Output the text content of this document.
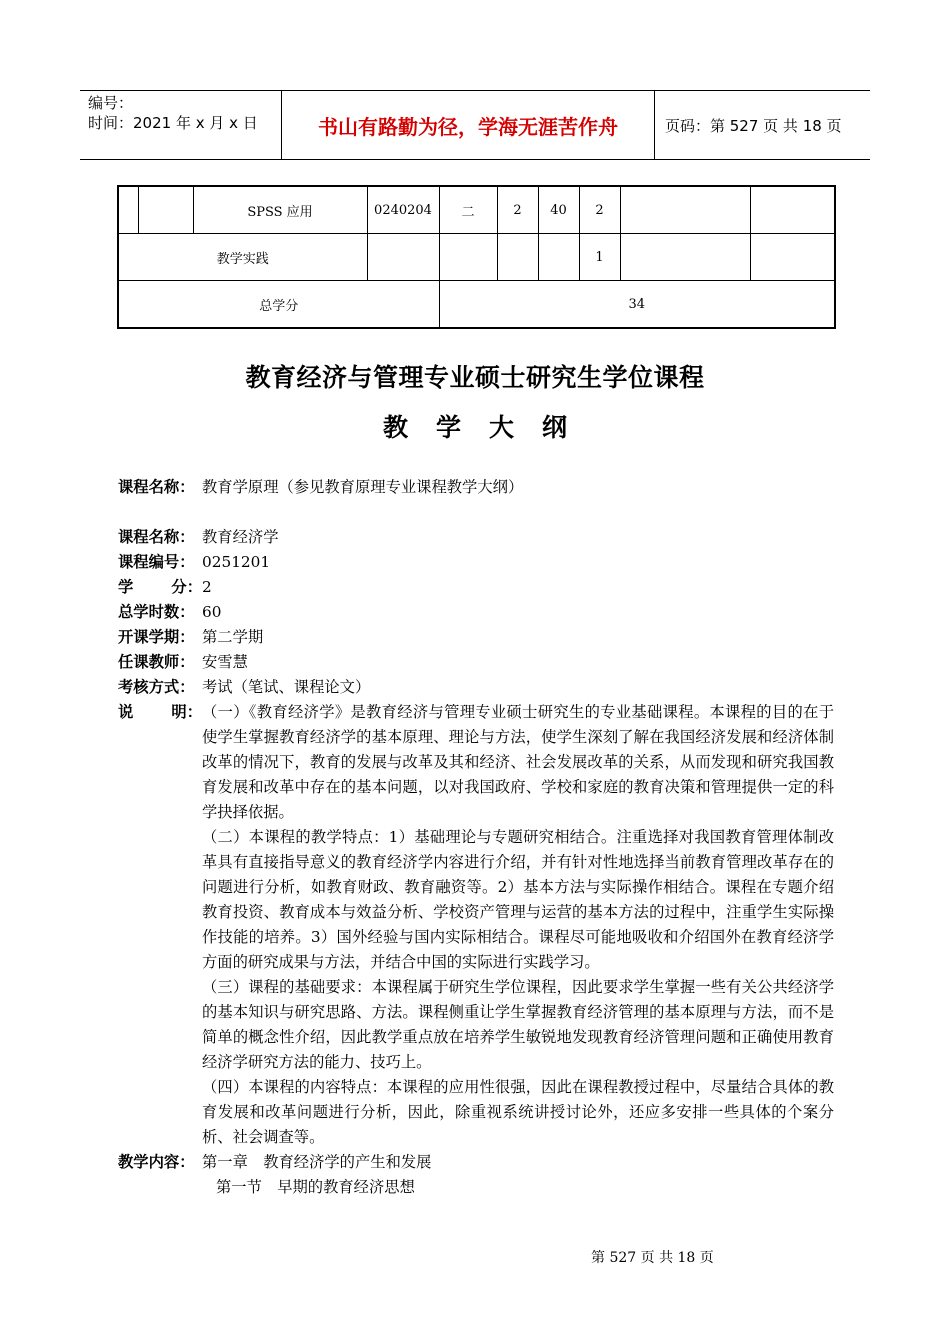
编号：
时间：2021 年 x 月 x 日	书山有路勤为径，学海无涯苦作舟	页码：第 527 页 共 18 页
		SPSS 应用	0240204	二	2	40	2		
教学实践							1		
总学分				34					
教育经济与管理专业硕士研究生学位课程
教学大纲
课程名称： 教育学原理（参见教育原理专业课程教学大纲）
课程名称： 教育经济学
课程编号： 0251201
学 分： 2
总学时数： 60
开课学期： 第二学期
任课教师： 安雪慧
考核方式： 考试（笔试、课程论文）
说 明： （一）《教育经济学》是教育经济与管理专业硕士研究生的专业基础课程。本课程的目的在于使学生掌握教育经济学的基本原理、理论与方法，使学生深刻了解在我国经济发展和经济体制改革的情况下，教育的发展与改革及其和经济、社会发展改革的关系，从而发现和研究我国教育发展和改革中存在的基本问题，以对我国政府、学校和家庭的教育决策和管理提供一定的科学抉择依据。

（二）本课程的教学特点：1）基础理论与专题研究相结合。注重选择对我国教育管理体制改革具有直接指导意义的教育经济学内容进行介绍，并有针对性地选择当前教育管理改革存在的问题进行分析，如教育财政、教育融资等。2）基本方法与实际操作相结合。课程在专题介绍教育投资、教育成本与效益分析、学校资产管理与运营的基本方法的过程中，注重学生实际操作技能的培养。3）国外经验与国内实际相结合。课程尽可能地吸收和介绍国外在教育经济学方面的研究成果与方法，并结合中国的实际进行实践学习。

（三）课程的基础要求：本课程属于研究生学位课程，因此要求学生掌握一些有关公共经济学的基本知识与研究思路、方法。课程侧重让学生掌握教育经济管理的基本原理与方法，而不是简单的概念性介绍，因此教学重点放在培养学生敏锐地发现教育经济管理问题和正确使用教育经济学研究方法的能力、技巧上。

（四）本课程的内容特点：本课程的应用性很强，因此在课程教授过程中，尽量结合具体的教育发展和改革问题进行分析，因此，除重视系统讲授讨论外，还应多安排一些具体的个案分析、社会调查等。

教学内容： 第一章　教育经济学的产生和发展
第一节　早期的教育经济思想
第 527 页 共 18 页
